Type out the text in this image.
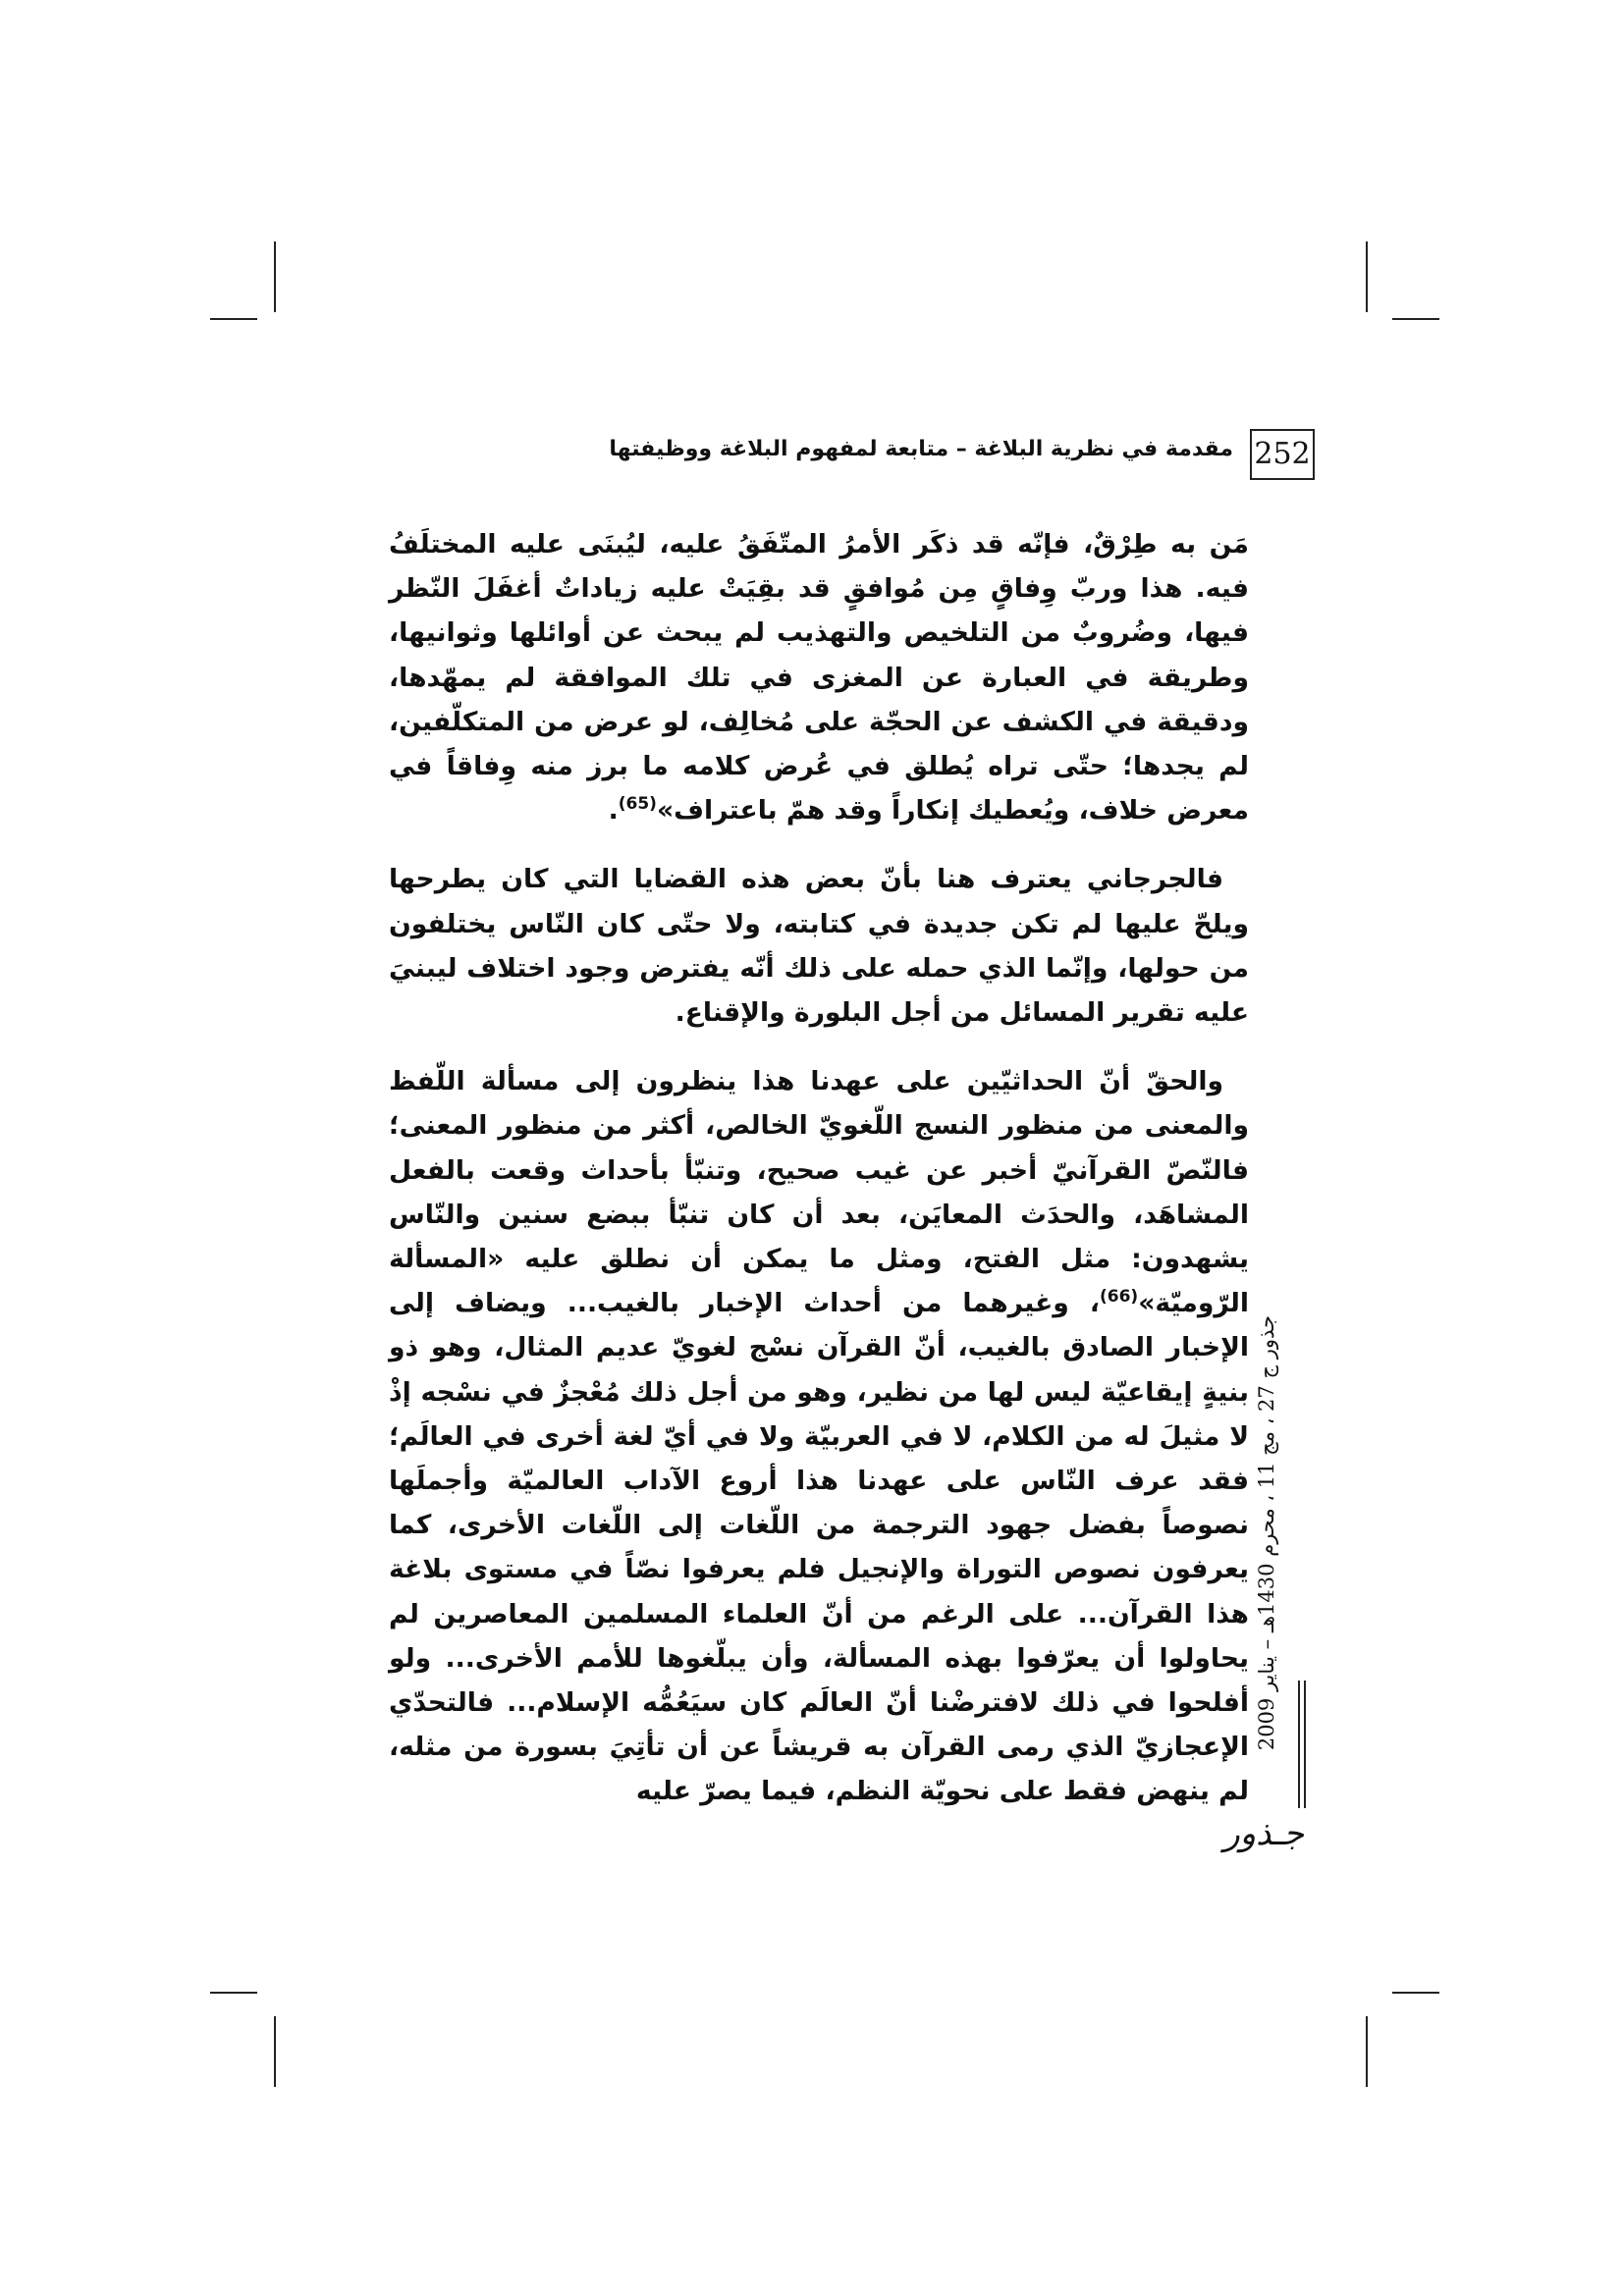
252
مقدمة في نظرية البلاغة – متابعة لمفهوم البلاغة ووظيفتها

مَن به طِرْقٌ، فإنّه قد ذكَر الأمرُ المتّفَقُ عليه، ليُبنَى عليه المختلَفُ فيه. هذا وربّ وِفاقٍ مِن مُوافقٍ قد بقِيَتْ عليه زياداتٌ أغفَلَ النّظر فيها، وضُروبٌ من التلخيص والتهذيب لم يبحث عن أوائلها وثوانيها، وطريقة في العبارة عن المغزى في تلك الموافقة لم يمهّدها، ودقيقة في الكشف عن الحجّة على مُخالِف، لو عرض من المتكلّفين، لم يجدها؛ حتّى تراه يُطلق في عُرض كلامه ما برز منه وِفاقاً في معرض خلاف، ويُعطيك إنكاراً وقد همّ باعتراف»$^{(65)}$.

فالجرجاني يعترف هنا بأنّ بعض هذه القضايا التي كان يطرحها ويلحّ عليها لم تكن جديدة في كتابته، ولا حتّى كان النّاس يختلفون من حولها، وإنّما الذي حمله على ذلك أنّه يفترض وجود اختلاف ليبنيَ عليه تقرير المسائل من أجل البلورة والإقناع.

والحقّ أنّ الحداثيّين على عهدنا هذا ينظرون إلى مسألة اللّفظ والمعنى من منظور النسج اللّغويّ الخالص، أكثر من منظور المعنى؛ فالنّصّ القرآنيّ أخبر عن غيب صحيح، وتنبّأ بأحداث وقعت بالفعل المشاهَد، والحدَث المعايَن، بعد أن كان تنبّأ ببضع سنين والنّاس يشهدون: مثل الفتح، ومثل ما يمكن أن نطلق عليه «المسألة الرّوميّة»$^{(66)}$، وغيرهما من أحداث الإخبار بالغيب... ويضاف إلى الإخبار الصادق بالغيب، أنّ القرآن نسْج لغويّ عديم المثال، وهو ذو بنيةٍ إيقاعيّة ليس لها من نظير، وهو من أجل ذلك مُعْجزٌ في نسْجه إذْ لا مثيلَ له من الكلام، لا في العربيّة ولا في أيّ لغة أخرى في العالَم؛ فقد عرف النّاس على عهدنا هذا أروع الآداب العالميّة وأجملَها نصوصاً بفضل جهود الترجمة من اللّغات إلى اللّغات الأخرى، كما يعرفون نصوص التوراة والإنجيل فلم يعرفوا نصّاً في مستوى بلاغة هذا القرآن... على الرغم من أنّ العلماء المسلمين المعاصرين لم يحاولوا أن يعرّفوا بهذه المسألة، وأن يبلّغوها للأمم الأخرى... ولو أفلحوا في ذلك لافترضْنا أنّ العالَم كان سيَعُمُّه الإسلام... فالتحدّي الإعجازيّ الذي رمى القرآن به قريشاً عن أن تأتِيَ بسورة من مثله، لم ينهض فقط على نحويّة النظم، فيما يصرّ عليه

جذور ج 27 ، مج 11 ، محرم 1430هـ – يناير 2009
جـذور
